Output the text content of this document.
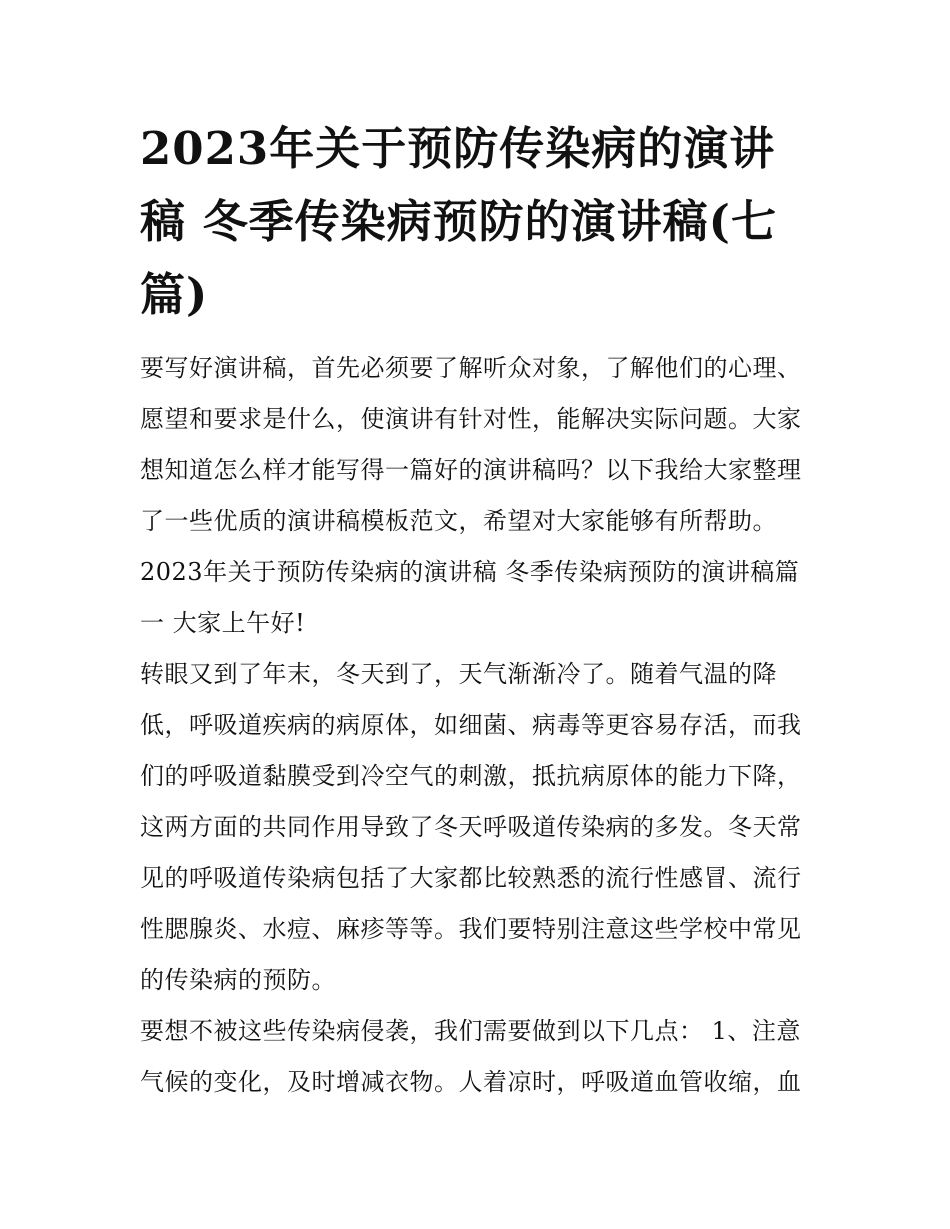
2023年关于预防传染病的演讲稿 冬季传染病预防的演讲稿(七篇)

要写好演讲稿，首先必须要了解听众对象，了解他们的心理、愿望和要求是什么，使演讲有针对性，能解决实际问题。大家想知道怎么样才能写得一篇好的演讲稿吗？以下我给大家整理了一些优质的演讲稿模板范文，希望对大家能够有所帮助。

2023年关于预防传染病的演讲稿 冬季传染病预防的演讲稿篇一 大家上午好!

转眼又到了年末，冬天到了，天气渐渐冷了。随着气温的降低，呼吸道疾病的病原体，如细菌、病毒等更容易存活，而我们的呼吸道黏膜受到冷空气的刺激，抵抗病原体的能力下降，这两方面的共同作用导致了冬天呼吸道传染病的多发。冬天常见的呼吸道传染病包括了大家都比较熟悉的流行性感冒、流行性腮腺炎、水痘、麻疹等等。我们要特别注意这些学校中常见的传染病的预防。

要想不被这些传染病侵袭，我们需要做到以下几点： 1、注意气候的变化，及时增减衣物。人着凉时，呼吸道血管收缩，血
